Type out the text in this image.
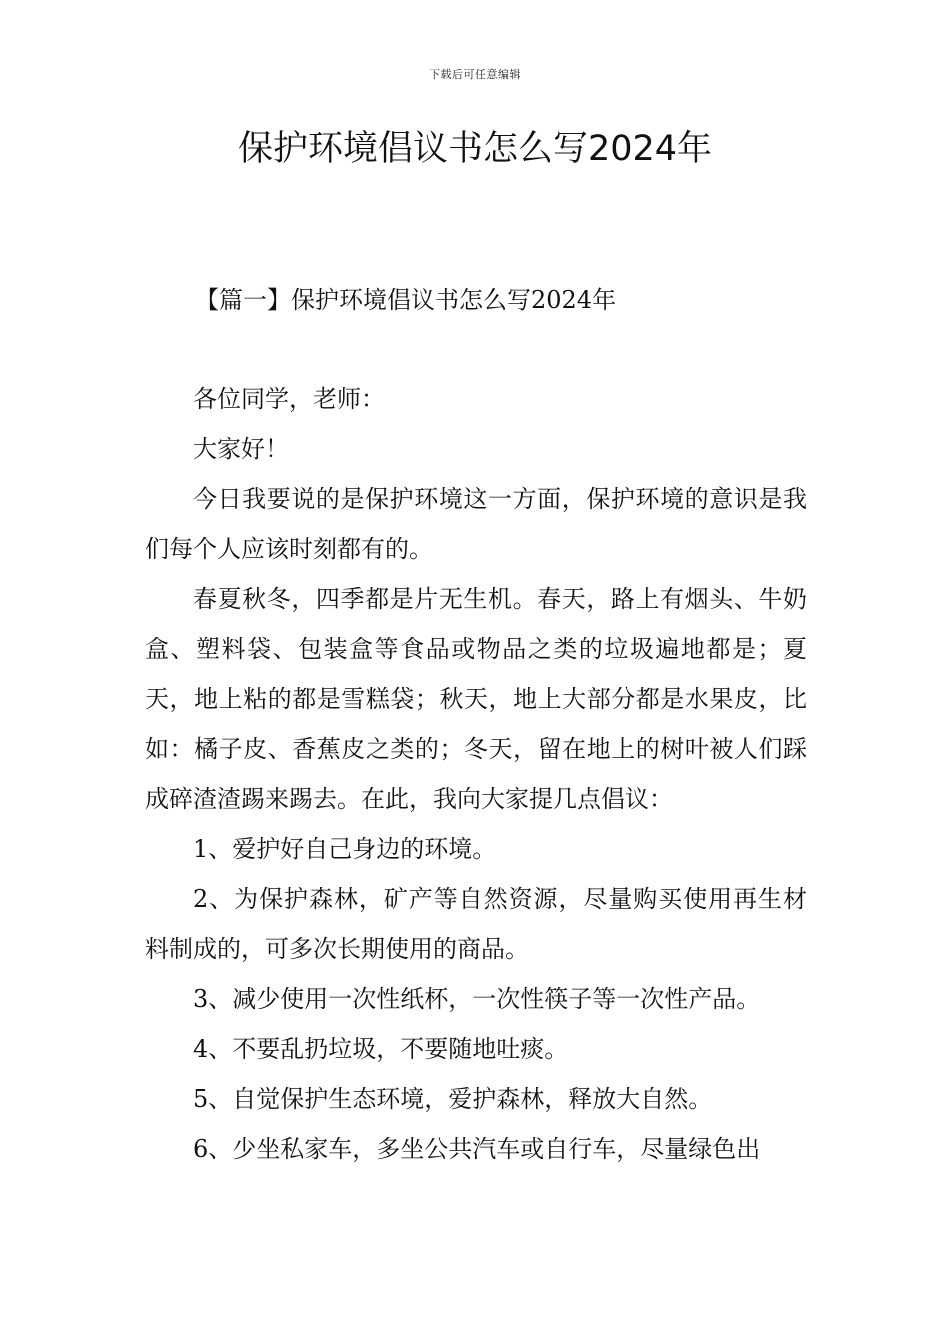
下载后可任意编辑
保护环境倡议书怎么写2024年
【篇一】保护环境倡议书怎么写2024年

各位同学，老师：

大家好！

今日我要说的是保护环境这一方面，保护环境的意识是我们每个人应该时刻都有的。

春夏秋冬，四季都是片无生机。春天，路上有烟头、牛奶盒、塑料袋、包装盒等食品或物品之类的垃圾遍地都是；夏天，地上粘的都是雪糕袋；秋天，地上大部分都是水果皮，比如：橘子皮、香蕉皮之类的；冬天，留在地上的树叶被人们踩成碎渣渣踢来踢去。在此，我向大家提几点倡议：

1、爱护好自己身边的环境。

2、为保护森林，矿产等自然资源，尽量购买使用再生材料制成的，可多次长期使用的商品。

3、减少使用一次性纸杯，一次性筷子等一次性产品。

4、不要乱扔垃圾，不要随地吐痰。

5、自觉保护生态环境，爱护森林，释放大自然。

6、少坐私家车，多坐公共汽车或自行车，尽量绿色出
